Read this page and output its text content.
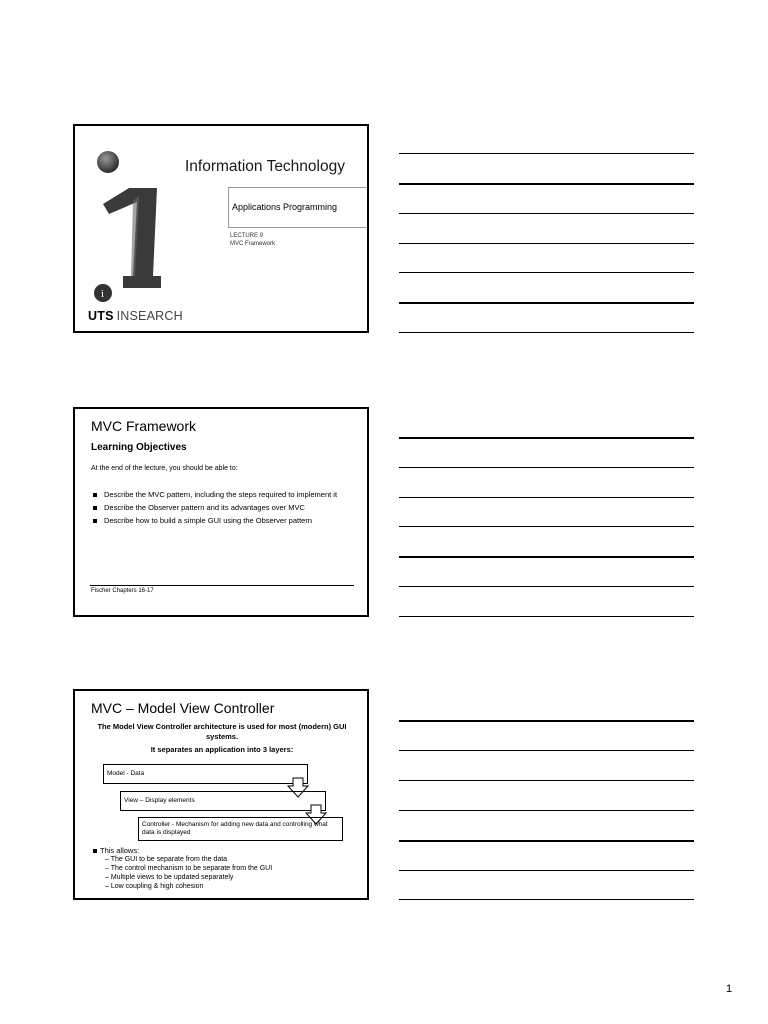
i
Information Technology
Applications Programming
LECTURE 9
MVC Framework
UTS INSEARCH
MVC Framework
Learning Objectives
At the end of the lecture, you should be able to:
Describe the MVC pattern, including the steps required to implement it
Describe the Observer pattern and its advantages over MVC
Describe how to build a simple GUI using the Observer pattern
Fischer Chapters 16-17
MVC – Model View Controller

The Model View Controller architecture is used for most (modern) GUI systems.

It separates an application into 3 layers:

Model - Data
View – Display elements
Controller - Mechanism for adding new data and controlling what data is displayed
This allows:
– The GUI to be separate from the data
– The control mechanism to be separate from the GUI
– Multiple views to be updated separately
– Low coupling & high cohesion
1
